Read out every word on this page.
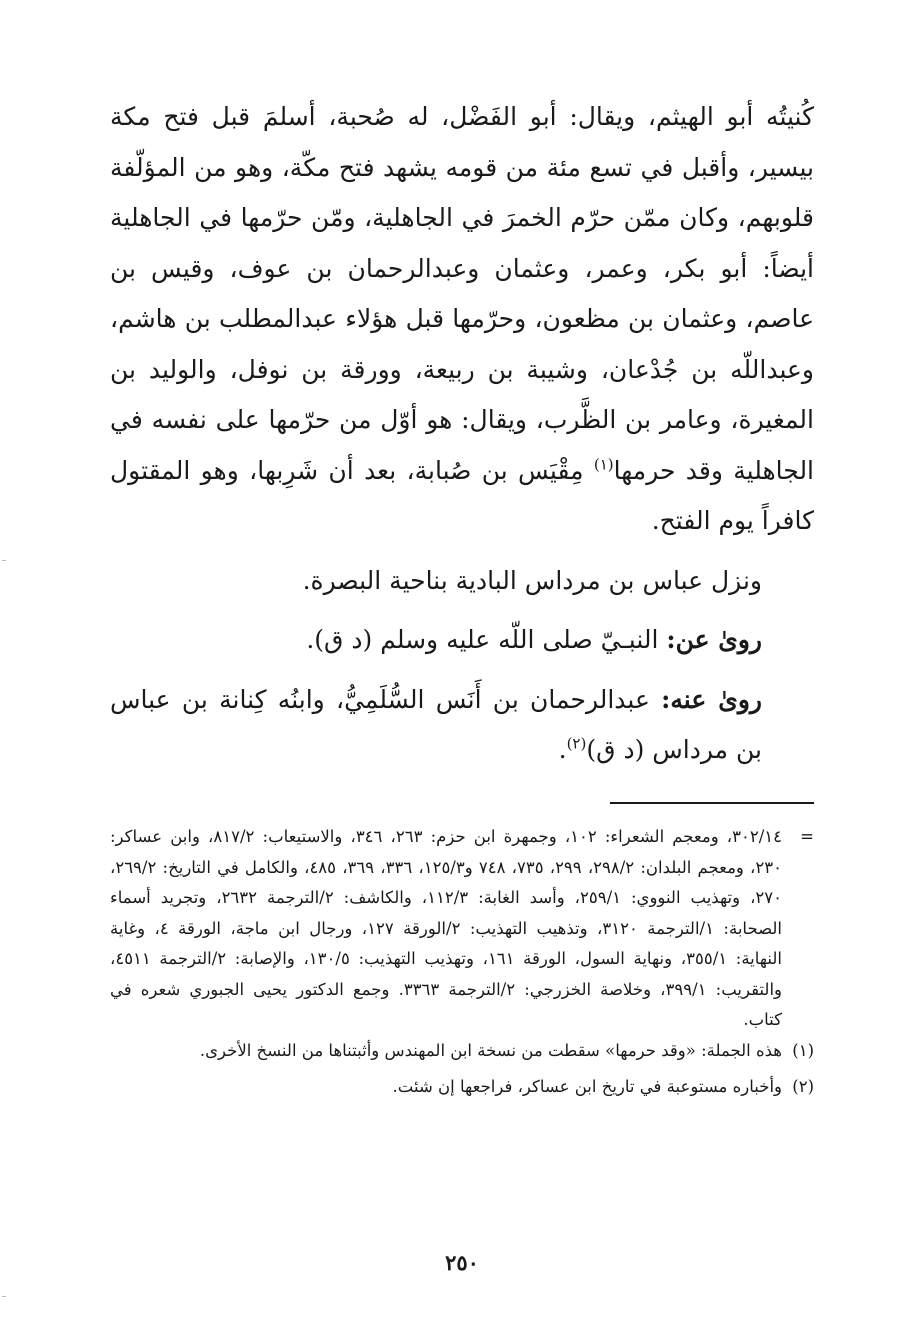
كُنيتُه أبو الهيثم، ويقال: أبو الفَضْل، له صُحبة، أسلمَ قبل فتح مكة بيسير، وأقبل في تسع مئة من قومه يشهد فتح مكّة، وهو من المؤلّفة قلوبهم، وكان ممّن حرّم الخمرَ في الجاهلية، ومّن حرّمها في الجاهلية أيضاً: أبو بكر، وعمر، وعثمان وعبدالرحمان بن عوف، وقيس بن عاصم، وعثمان بن مظعون، وحرّمها قبل هؤلاء عبدالمطلب بن هاشم، وعبداللّه بن جُدْعان، وشيبة بن ربيعة، وورقة بن نوفل، والوليد بن المغيرة، وعامر بن الظَّرب، ويقال: هو أوّل من حرّمها على نفسه في الجاهلية وقد حرمها$^{(١)}$ مِقْيَس بن صُبابة، بعد أن شَرِبها، وهو المقتول كافراً يوم الفتح.

ونزل عباس بن مرداس البادية بناحية البصرة.

روىٰ عن: النبـيّ صلى اللّه عليه وسلم (د ق).

روىٰ عنه: عبدالرحمان بن أَنَس السُّلَمِيُّ، وابنُه كِنانة بن عباس بن مرداس (د ق)$^{(٢)}$.

=
٣٠٢/١٤، ومعجم الشعراء: ١٠٢، وجمهرة ابن حزم: ٢٦٣، ٣٤٦، والاستيعاب: ٨١٧/٢، وابن عساكر: ٢٣٠، ومعجم البلدان: ٢٩٨/٢، ٢٩٩، ٧٣٥، ٧٤٨ و١٢٥/٣، ٣٣٦، ٣٦٩، ٤٨٥، والكامل في التاريخ: ٢٦٩/٢، ٢٧٠، وتهذيب النووي: ٢٥٩/١، وأسد الغابة: ١١٢/٣، والكاشف: ٢/الترجمة ٢٦٣٢، وتجريد أسماء الصحابة: ١/الترجمة ٣١٢٠، وتذهيب التهذيب: ٢/الورقة ١٢٧، ورجال ابن ماجة، الورقة ٤، وغاية النهاية: ٣٥٥/١، ونهاية السول، الورقة ١٦١، وتهذيب التهذيب: ١٣٠/٥، والإصابة: ٢/الترجمة ٤٥١١، والتقريب: ٣٩٩/١، وخلاصة الخزرجي: ٢/الترجمة ٣٣٦٣. وجمع الدكتور يحيى الجبوري شعره في كتاب.
(١)
هذه الجملة: «وقد حرمها» سقطت من نسخة ابن المهندس وأثبتناها من النسخ الأخرى.
(٢)
وأخباره مستوعبة في تاريخ ابن عساكر، فراجعها إن شئت.
٢٥٠
